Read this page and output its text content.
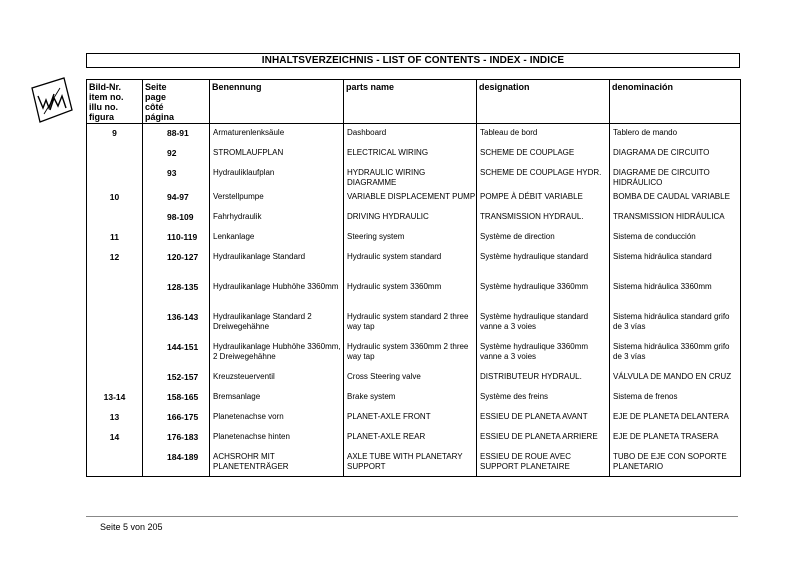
INHALTSVERZEICHNIS - LIST OF CONTENTS - INDEX - INDICE
Bild-Nr.
item no.
illu no.
figura	Seite
page
côté
página	Benennung	parts name	designation	denominación

9	88-91	Armaturenlenksäule	Dashboard	Tableau de bord	Tablero de mando

	92	STROMLAUFPLAN	ELECTRICAL WIRING	SCHEME DE COUPLAGE	DIAGRAMA DE CIRCUITO

	93	Hydrauliklaufplan	HYDRAULIC WIRING DIAGRAMME	SCHEME DE COUPLAGE HYDR.	DIAGRAME DE CIRCUITO HIDRÁULICO

10	94-97	Verstellpumpe	VARIABLE DISPLACEMENT PUMP	POMPE À DÉBIT VARIABLE	BOMBA DE CAUDAL VARIABLE

	98-109	Fahrhydraulik	DRIVING HYDRAULIC	TRANSMISSION HYDRAUL.	TRANSMISSION HIDRÁULICA

11	110-119	Lenkanlage	Steering system	Système de direction	Sistema de conducción

12	120-127	Hydraulikanlage Standard	Hydraulic system standard	Système hydraulique standard	Sistema hidráulica standard

	128-135	Hydraulikanlage Hubhöhe 3360mm	Hydraulic system 3360mm	Système hydraulique 3360mm	Sistema hidráulica 3360mm

	136-143	Hydraulikanlage Standard 2 Dreiwegehähne	Hydraulic system standard 2 three way tap	Système hydraulique standard vanne a 3 voies	Sistema hidráulica standard grifo de 3 vías

	144-151	Hydraulikanlage Hubhöhe 3360mm, 2 Dreiwegehähne	Hydraulic system 3360mm 2 three way tap	Système hydraulique 3360mm vanne a 3 voies	Sistema hidráulica 3360mm grifo de 3 vías

	152-157	Kreuzsteuerventil	Cross Steering valve	DISTRIBUTEUR HYDRAUL.	VÁLVULA DE MANDO EN CRUZ

13-14	158-165	Bremsanlage	Brake system	Système des freins	Sistema de frenos

13	166-175	Planetenachse vorn	PLANET-AXLE FRONT	ESSIEU DE PLANETA AVANT	EJE DE PLANETA DELANTERA

14	176-183	Planetenachse hinten	PLANET-AXLE REAR	ESSIEU DE PLANETA ARRIERE	EJE DE PLANETA TRASERA

	184-189	ACHSROHR MIT PLANETENTRÄGER	AXLE TUBE WITH PLANETARY SUPPORT	ESSIEU DE ROUE AVEC SUPPORT PLANETAIRE	TUBO DE EJE CON SOPORTE PLANETARIO
Seite 5 von 205
